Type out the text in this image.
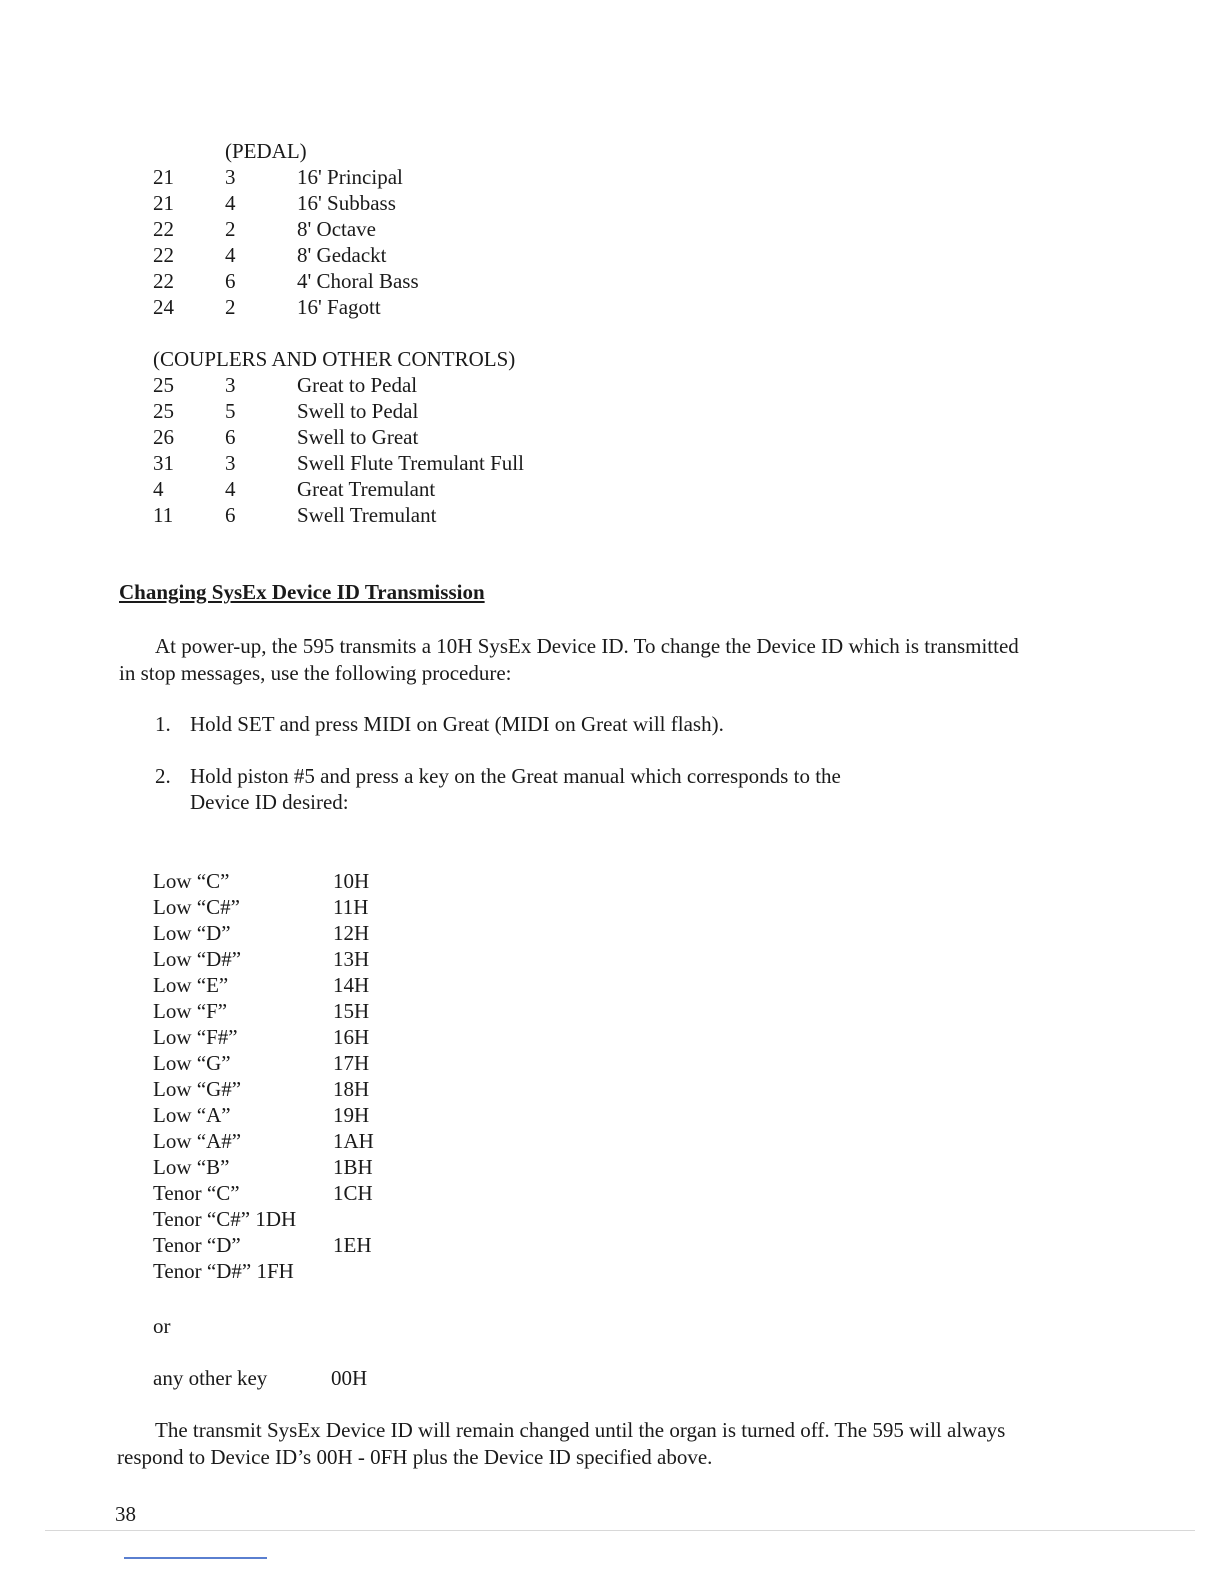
(PEDAL)
21 3	16' Principal
21 4	16' Subbass
22 2	8' Octave
22 4	8' Gedackt
22 6	4' Choral Bass
24 2	16' Fagott
(COUPLERS AND OTHER CONTROLS)
25 3	Great to Pedal
25 5	Swell to Pedal
26 6	Swell to Great
31 3	Swell Flute Tremulant Full
4	4	Great Tremulant
11 6	Swell Tremulant
Changing SysEx Device ID Transmission
At power-up, the 595 transmits a 10H SysEx Device ID. To change the Device ID which is transmitted
in stop messages, use the following procedure:
1. Hold SET and press MIDI on Great (MIDI on Great will flash).
2. Hold piston #5 and press a key on the Great manual which corresponds to the
Device ID desired:
Low “C”	10H
Low “C#”	11H
Low “D”	12H
Low “D#”	13H
Low “E”	14H
Low “F”	15H
Low “F#”	16H
Low “G”	17H
Low “G#”	18H
Low “A”	19H
Low “A#”	1AH
Low “B”	1BH
Tenor “C”	1CH
Tenor “C#” 1DH
Tenor “D”	1EH
Tenor “D#” 1FH
or
any other key	00H
The transmit SysEx Device ID will remain changed until the organ is turned off. The 595 will always
respond to Device ID’s 00H - 0FH plus the Device ID specified above.
38
